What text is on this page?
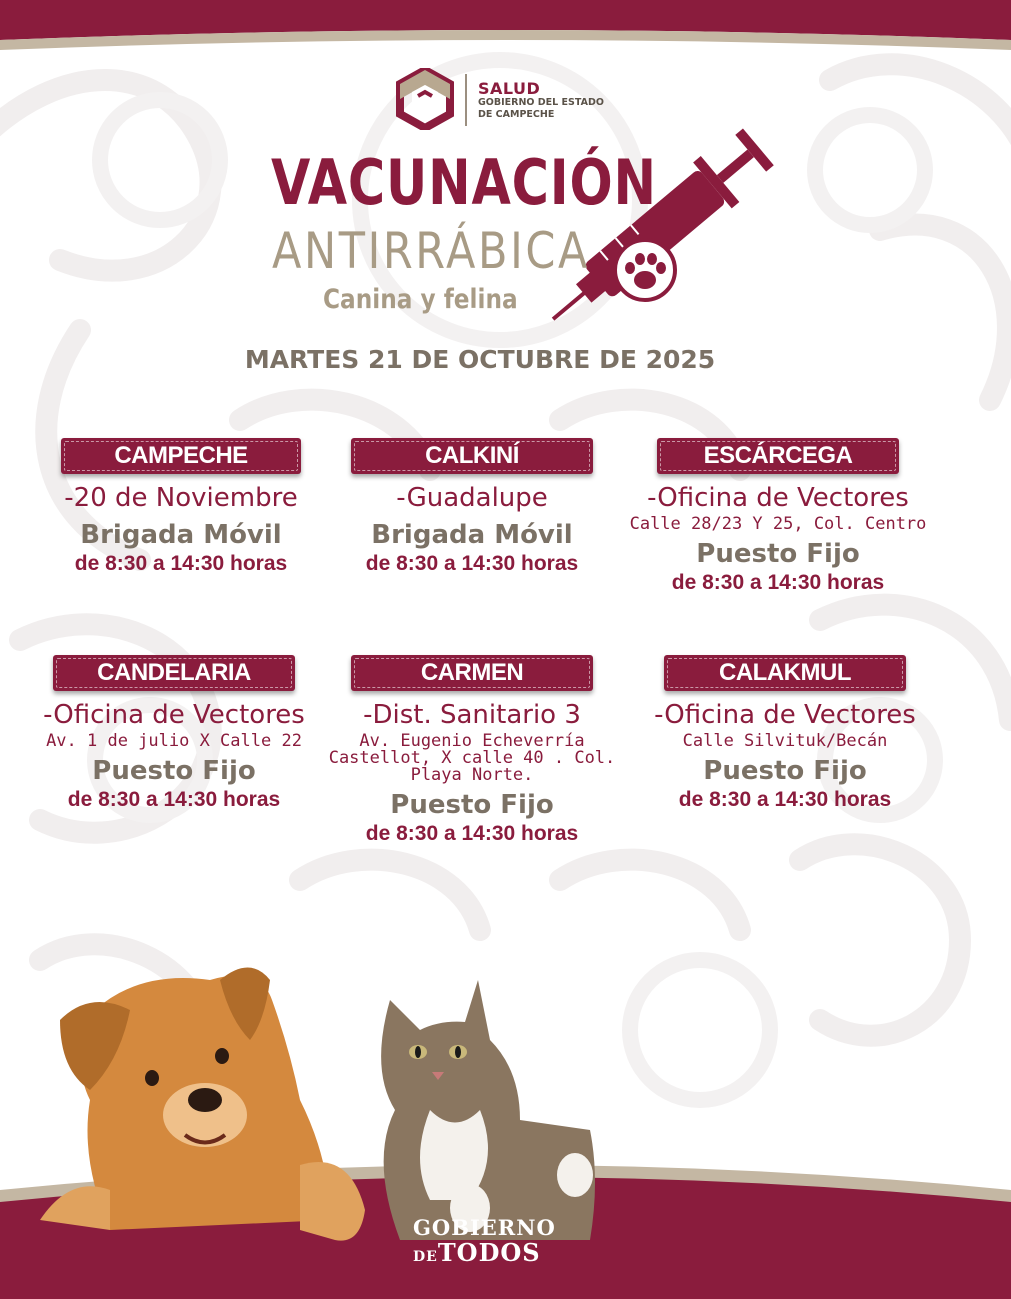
SALUD
GOBIERNO DEL ESTADO
DE CAMPECHE
VACUNACIÓN
ANTIRRÁBICA
Canina y felina
MARTES 21 DE OCTUBRE DE 2025
CAMPECHE
-20 de Noviembre
Brigada Móvil
de 8:30 a 14:30 horas
CALKINÍ
-Guadalupe
Brigada Móvil
de 8:30 a 14:30 horas
ESCÁRCEGA
-Oficina de Vectores
Calle 28/23 Y 25, Col. Centro
Puesto Fijo
de 8:30 a 14:30 horas
CANDELARIA
-Oficina de Vectores
Av. 1 de julio X Calle 22
Puesto Fijo
de 8:30 a 14:30 horas
CARMEN
-Dist. Sanitario 3
Av. Eugenio Echeverría
Castellot, X calle 40 . Col.
Playa Norte.
Puesto Fijo
de 8:30 a 14:30 horas
CALAKMUL
-Oficina de Vectores
Calle Silvituk/Becán
Puesto Fijo
de 8:30 a 14:30 horas
GOBIERNO
DETODOS
